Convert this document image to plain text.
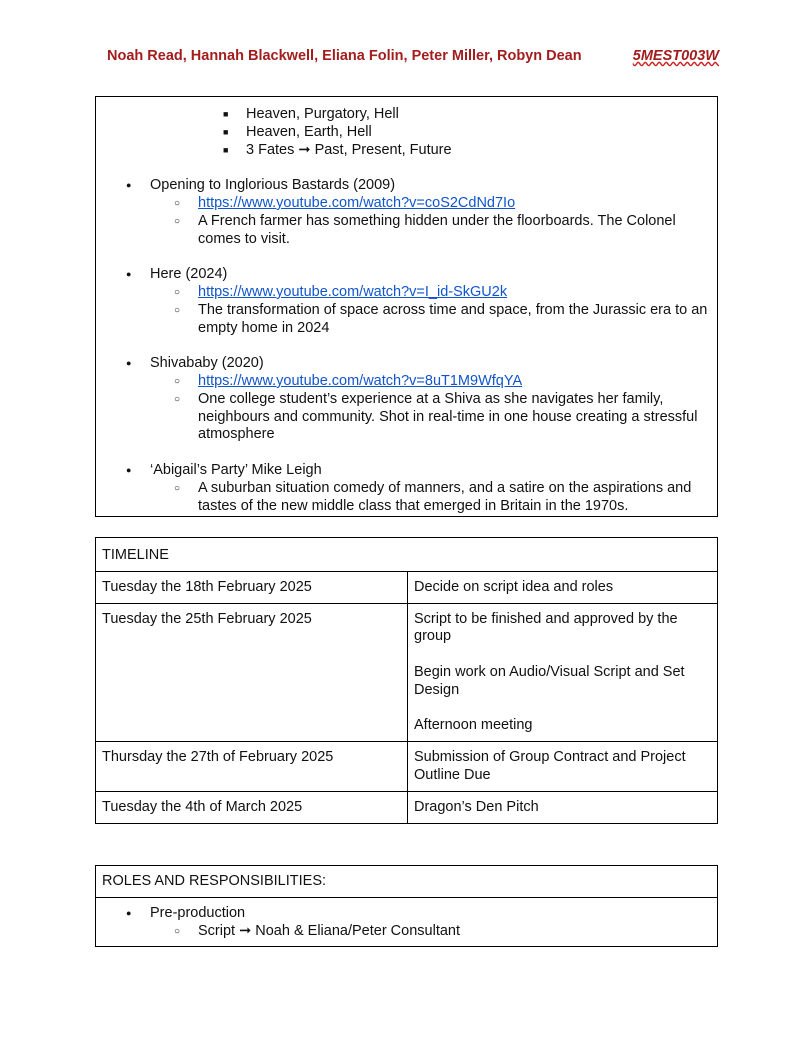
Noah Read, Hannah Blackwell, Eliana Folin, Peter Miller, Robyn Dean	5MEST003W
■ Heaven, Purgatory, Hell
■ Heaven, Earth, Hell
■ 3 Fates ➞ Past, Present, Future
● Opening to Inglorious Bastards (2009)
○ https://www.youtube.com/watch?v=coS2CdNd7Io
○ A French farmer has something hidden under the floorboards. The Colonel comes to visit.
● Here (2024)
○ https://www.youtube.com/watch?v=I_id-SkGU2k
○ The transformation of space across time and space, from the Jurassic era to an empty home in 2024
● Shivababy (2020)
○ https://www.youtube.com/watch?v=8uT1M9WfqYA
○ One college student’s experience at a Shiva as she navigates her family, neighbours and community. Shot in real-time in one house creating a stressful atmosphere
● ‘Abigail’s Party’ Mike Leigh
○ A suburban situation comedy of manners, and a satire on the aspirations and tastes of the new middle class that emerged in Britain in the 1970s.
TIMELINE	
Tuesday the 18th February 2025	Decide on script idea and roles
Tuesday the 25th February 2025	Script to be finished and approved by the group
Begin work on Audio/Visual Script and Set Design
Afternoon meeting

Thursday the 27th of February 2025	Submission of Group Contract and Project Outline Due
Tuesday the 4th of March 2025	Dragon’s Den Pitch
ROLES AND RESPONSIBILITIES:

● Pre-production
○ Script ➞ Noah & Eliana/Peter Consultant
